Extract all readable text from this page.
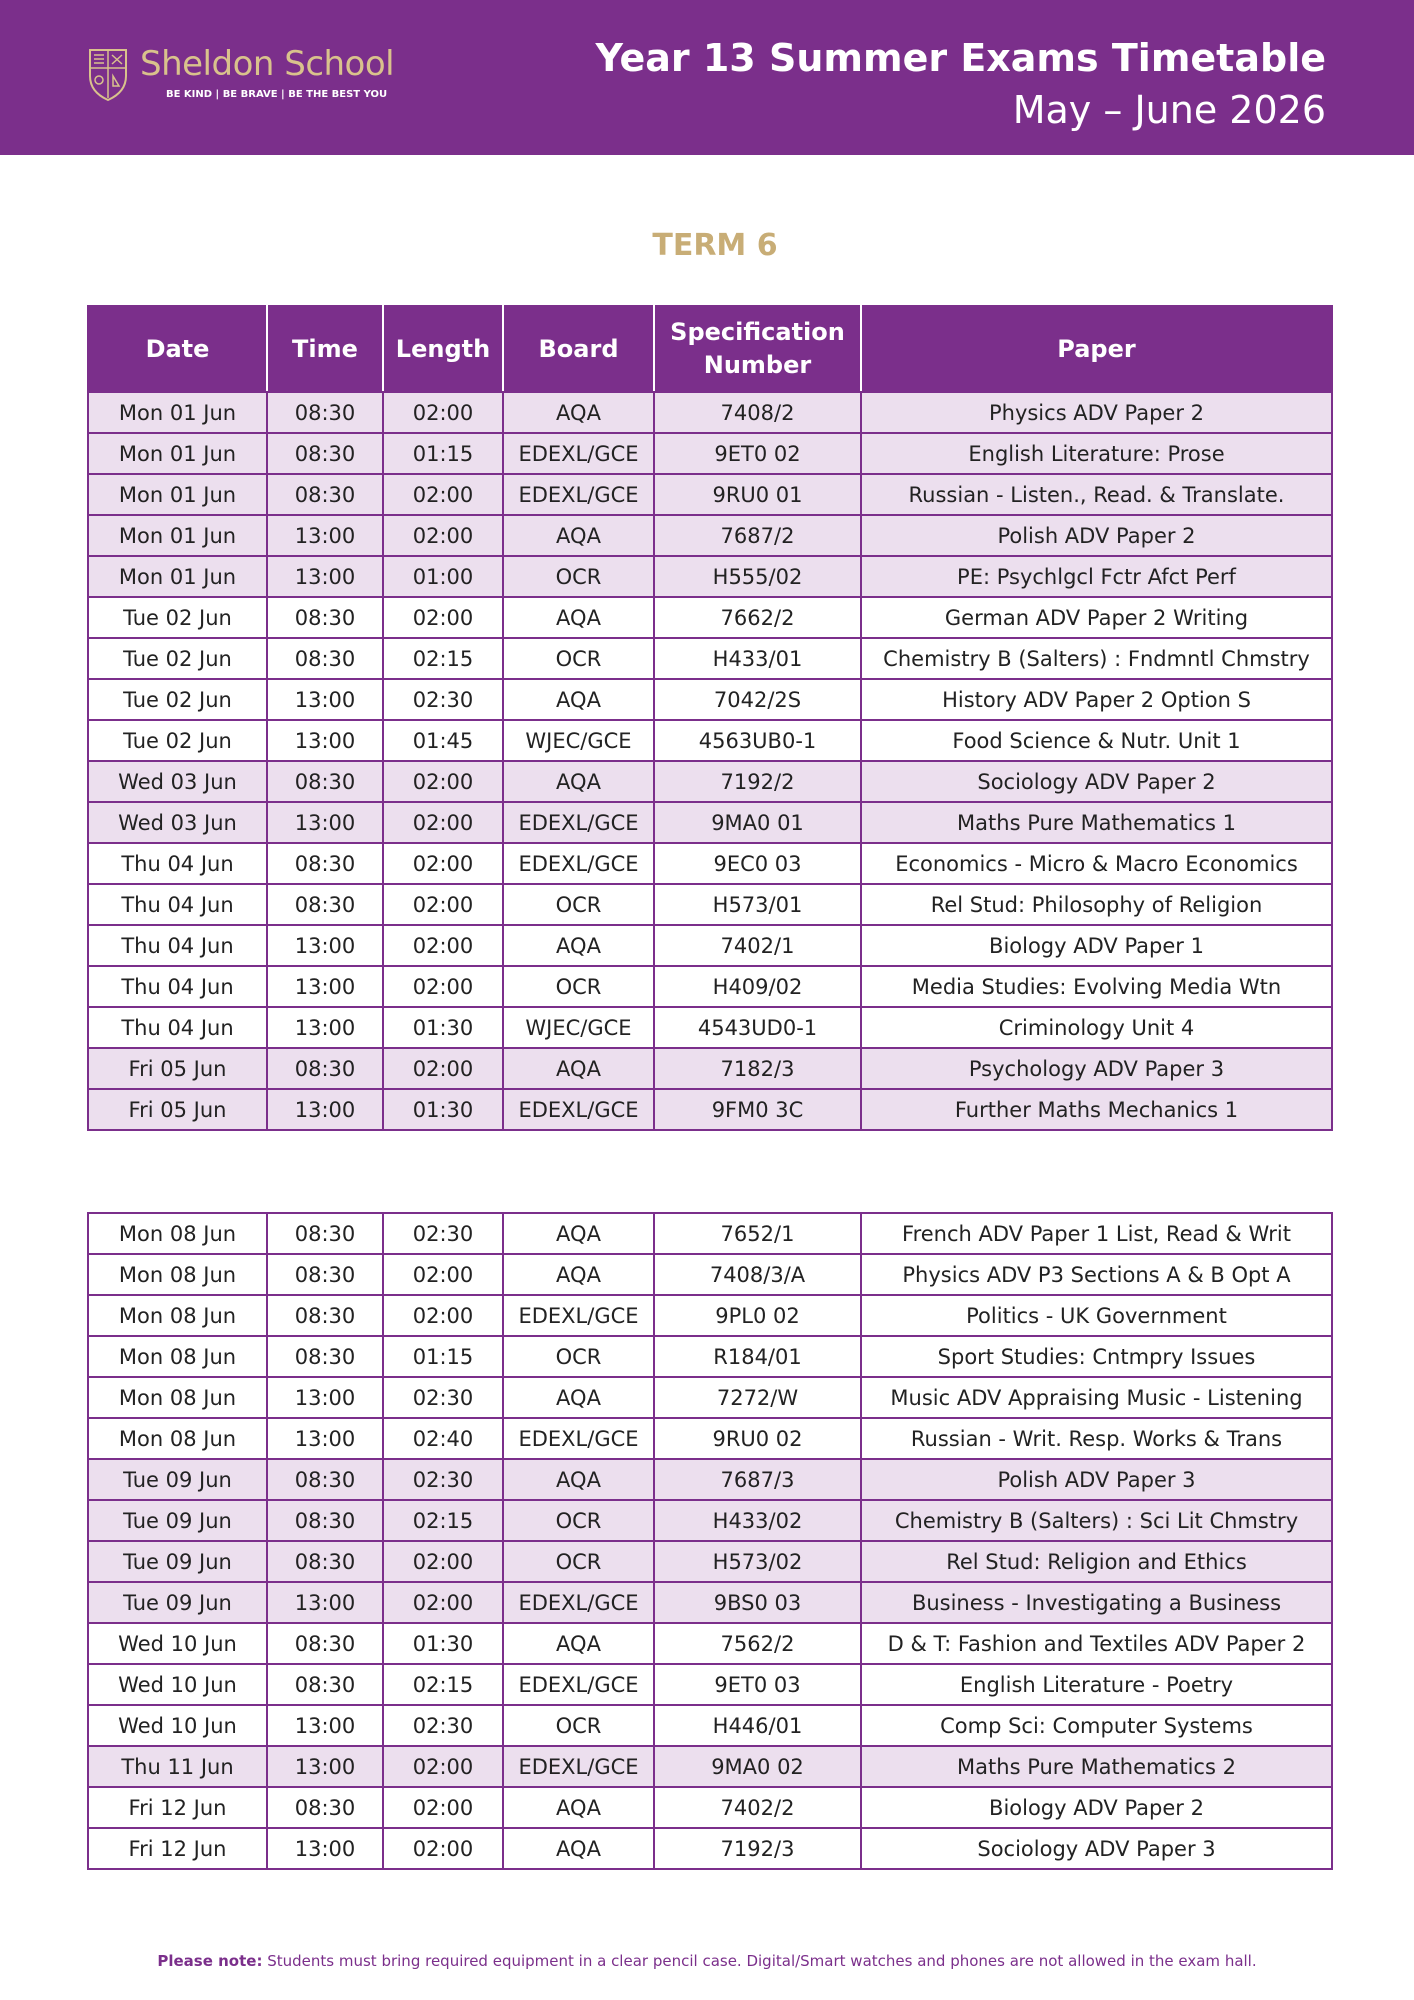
Sheldon School
BE KIND | BE BRAVE | BE THE BEST YOU
Year 13 Summer Exams Timetable
May – June 2026
TERM 6
Date	Time	Length	Board	Specification Number	Paper
Mon 01 Jun	08:30	02:00	AQA	7408/2	Physics ADV Paper 2
Mon 01 Jun	08:30	01:15	EDEXL/GCE	9ET0 02	English Literature: Prose
Mon 01 Jun	08:30	02:00	EDEXL/GCE	9RU0 01	Russian - Listen., Read. & Translate.
Mon 01 Jun	13:00	02:00	AQA	7687/2	Polish ADV Paper 2
Mon 01 Jun	13:00	01:00	OCR	H555/02	PE: Psychlgcl Fctr Afct Perf
Tue 02 Jun	08:30	02:00	AQA	7662/2	German ADV Paper 2 Writing
Tue 02 Jun	08:30	02:15	OCR	H433/01	Chemistry B (Salters) : Fndmntl Chmstry
Tue 02 Jun	13:00	02:30	AQA	7042/2S	History ADV Paper 2 Option S
Tue 02 Jun	13:00	01:45	WJEC/GCE	4563UB0-1	Food Science & Nutr. Unit 1
Wed 03 Jun	08:30	02:00	AQA	7192/2	Sociology ADV Paper 2
Wed 03 Jun	13:00	02:00	EDEXL/GCE	9MA0 01	Maths Pure Mathematics 1
Thu 04 Jun	08:30	02:00	EDEXL/GCE	9EC0 03	Economics - Micro & Macro Economics
Thu 04 Jun	08:30	02:00	OCR	H573/01	Rel Stud: Philosophy of Religion
Thu 04 Jun	13:00	02:00	AQA	7402/1	Biology ADV Paper 1
Thu 04 Jun	13:00	02:00	OCR	H409/02	Media Studies: Evolving Media Wtn
Thu 04 Jun	13:00	01:30	WJEC/GCE	4543UD0-1	Criminology Unit 4
Fri 05 Jun	08:30	02:00	AQA	7182/3	Psychology ADV Paper 3
Fri 05 Jun	13:00	01:30	EDEXL/GCE	9FM0 3C	Further Maths Mechanics 1
Mon 08 Jun	08:30	02:30	AQA	7652/1	French ADV Paper 1 List, Read & Writ
Mon 08 Jun	08:30	02:00	AQA	7408/3/A	Physics ADV P3 Sections A & B Opt A
Mon 08 Jun	08:30	02:00	EDEXL/GCE	9PL0 02	Politics - UK Government
Mon 08 Jun	08:30	01:15	OCR	R184/01	Sport Studies: Cntmpry Issues
Mon 08 Jun	13:00	02:30	AQA	7272/W	Music ADV Appraising Music - Listening
Mon 08 Jun	13:00	02:40	EDEXL/GCE	9RU0 02	Russian - Writ. Resp. Works & Trans
Tue 09 Jun	08:30	02:30	AQA	7687/3	Polish ADV Paper 3
Tue 09 Jun	08:30	02:15	OCR	H433/02	Chemistry B (Salters) : Sci Lit Chmstry
Tue 09 Jun	08:30	02:00	OCR	H573/02	Rel Stud: Religion and Ethics
Tue 09 Jun	13:00	02:00	EDEXL/GCE	9BS0 03	Business - Investigating a Business
Wed 10 Jun	08:30	01:30	AQA	7562/2	D & T: Fashion and Textiles ADV Paper 2
Wed 10 Jun	08:30	02:15	EDEXL/GCE	9ET0 03	English Literature - Poetry
Wed 10 Jun	13:00	02:30	OCR	H446/01	Comp Sci: Computer Systems
Thu 11 Jun	13:00	02:00	EDEXL/GCE	9MA0 02	Maths Pure Mathematics 2
Fri 12 Jun	08:30	02:00	AQA	7402/2	Biology ADV Paper 2
Fri 12 Jun	13:00	02:00	AQA	7192/3	Sociology ADV Paper 3
Please note: Students must bring required equipment in a clear pencil case. Digital/Smart watches and phones are not allowed in the exam hall.
